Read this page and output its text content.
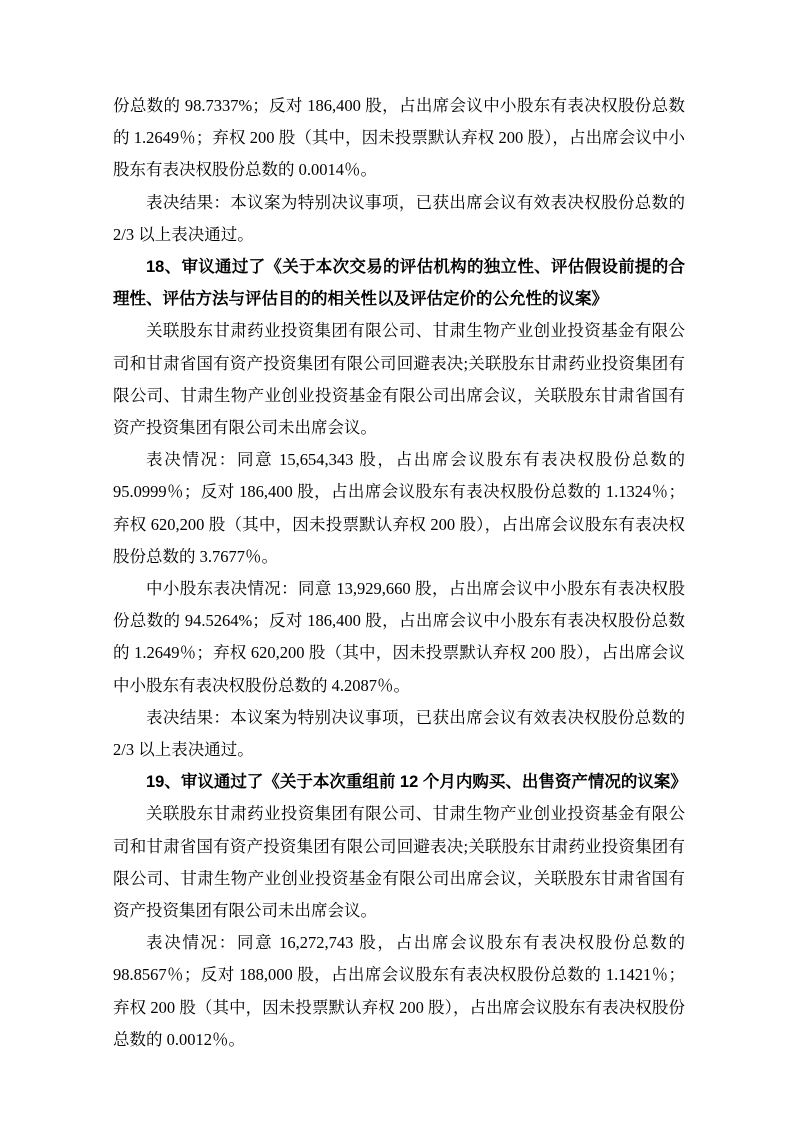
份总数的 98.7337%；反对 186,400 股，占出席会议中小股东有表决权股份总数的 1.2649％；弃权 200 股（其中，因未投票默认弃权 200 股），占出席会议中小股东有表决权股份总数的 0.0014％。

表决结果：本议案为特别决议事项，已获出席会议有效表决权股份总数的 2/3 以上表决通过。

18、审议通过了《关于本次交易的评估机构的独立性、评估假设前提的合理性、评估方法与评估目的的相关性以及评估定价的公允性的议案》

关联股东甘肃药业投资集团有限公司、甘肃生物产业创业投资基金有限公司和甘肃省国有资产投资集团有限公司回避表决;关联股东甘肃药业投资集团有限公司、甘肃生物产业创业投资基金有限公司出席会议，关联股东甘肃省国有资产投资集团有限公司未出席会议。

表决情况：同意 15,654,343 股，占出席会议股东有表决权股份总数的 95.0999％；反对 186,400 股，占出席会议股东有表决权股份总数的 1.1324％；弃权 620,200 股（其中，因未投票默认弃权 200 股），占出席会议股东有表决权股份总数的 3.7677％。

中小股东表决情况：同意 13,929,660 股，占出席会议中小股东有表决权股份总数的 94.5264%；反对 186,400 股，占出席会议中小股东有表决权股份总数的 1.2649％；弃权 620,200 股（其中，因未投票默认弃权 200 股），占出席会议中小股东有表决权股份总数的 4.2087％。

表决结果：本议案为特别决议事项，已获出席会议有效表决权股份总数的 2/3 以上表决通过。

19、审议通过了《关于本次重组前 12 个月内购买、出售资产情况的议案》

关联股东甘肃药业投资集团有限公司、甘肃生物产业创业投资基金有限公司和甘肃省国有资产投资集团有限公司回避表决;关联股东甘肃药业投资集团有限公司、甘肃生物产业创业投资基金有限公司出席会议，关联股东甘肃省国有资产投资集团有限公司未出席会议。

表决情况：同意 16,272,743 股，占出席会议股东有表决权股份总数的 98.8567％；反对 188,000 股，占出席会议股东有表决权股份总数的 1.1421％；弃权 200 股（其中，因未投票默认弃权 200 股），占出席会议股东有表决权股份总数的 0.0012％。
